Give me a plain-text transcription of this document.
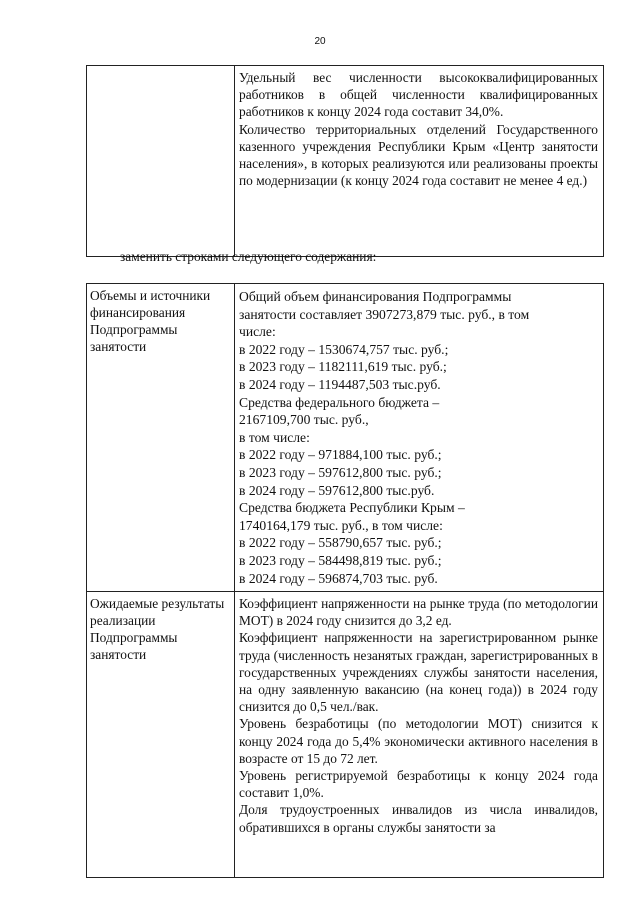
20

Удельный вес численности высококвалифицированных работников в общей численности квалифицированных работников к концу 2024 года составит 34,0%.

Количество территориальных отделений Государственного казенного учреждения Республики Крым «Центр занятости населения», в которых реализуются или реализованы проекты по модернизации (к концу 2024 года составит не менее 4 ед.)

заменить строками следующего содержания:
Объемы и источники финансирования Подпрограммы занятости

Общий объем финансирования Подпрограммы

занятости составляет 3907273,879 тыс. руб., в том

числе:

в 2022 году – 1530674,757 тыс. руб.;

в 2023 году – 1182111,619 тыс. руб.;

в 2024 году – 1194487,503 тыс.руб.

Средства федерального бюджета –

2167109,700 тыс. руб.,

в том числе:

в 2022 году – 971884,100 тыс. руб.;

в 2023 году – 597612,800 тыс. руб.;

в 2024 году – 597612,800 тыс.руб.

Средства бюджета Республики Крым –

1740164,179 тыс. руб., в том числе:

в 2022 году – 558790,657 тыс. руб.;

в 2023 году – 584498,819 тыс. руб.;

в 2024 году – 596874,703 тыс. руб.

Ожидаемые результаты реализации Подпрограммы занятости

Коэффициент напряженности на рынке труда (по методологии МОТ) в 2024 году снизится до 3,2 ед.

Коэффициент напряженности на зарегистрированном рынке труда (численность незанятых граждан, зарегистрированных в государственных учреждениях службы занятости населения, на одну заявленную вакансию (на конец года)) в 2024 году снизится до 0,5 чел./вак.

Уровень безработицы (по методологии МОТ) снизится к концу 2024 года до 5,4% экономически активного населения в возрасте от 15 до 72 лет.

Уровень регистрируемой безработицы к концу 2024 года составит 1,0%.

Доля трудоустроенных инвалидов из числа инвалидов, обратившихся в органы службы занятости за
